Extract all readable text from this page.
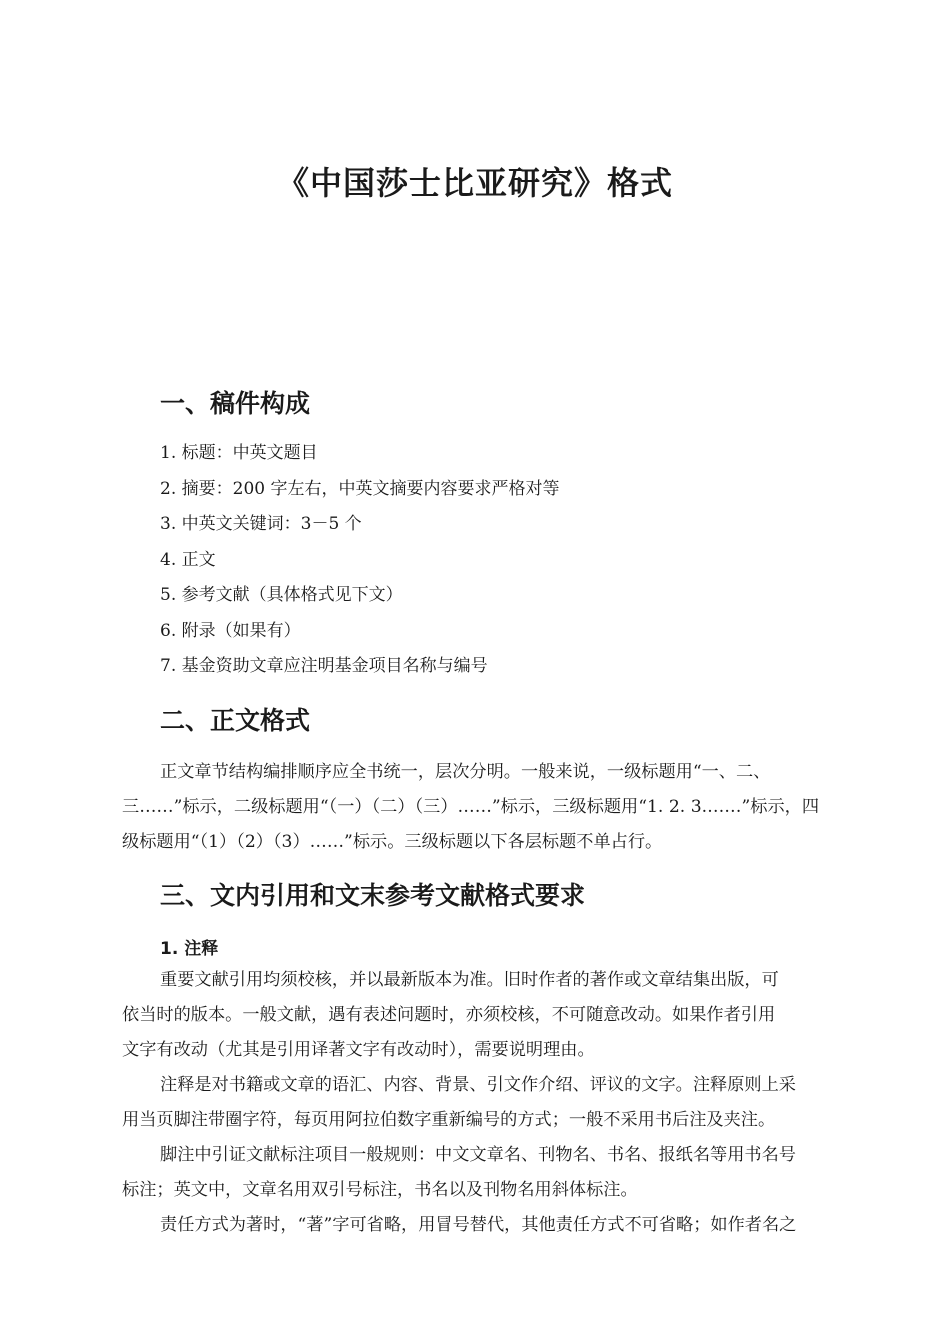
《中国莎士比亚研究》格式
一、稿件构成
1. 标题：中英文题目
2. 摘要：200 字左右，中英文摘要内容要求严格对等
3. 中英文关键词：3－5 个
4. 正文
5. 参考文献（具体格式见下文）
6. 附录（如果有）
7. 基金资助文章应注明基金项目名称与编号
二、正文格式
正文章节结构编排顺序应全书统一，层次分明。一般来说，一级标题用“一、二、
三……”标示，二级标题用“（一）（二）（三）……”标示，三级标题用“1. 2. 3.……”标示，四
级标题用“（1）（2）（3）……”标示。三级标题以下各层标题不单占行。
三、文内引用和文末参考文献格式要求
1. 注释
重要文献引用均须校核，并以最新版本为准。旧时作者的著作或文章结集出版，可
依当时的版本。一般文献，遇有表述问题时，亦须校核，不可随意改动。如果作者引用
文字有改动（尤其是引用译著文字有改动时），需要说明理由。
注释是对书籍或文章的语汇、内容、背景、引文作介绍、评议的文字。注释原则上采
用当页脚注带圈字符，每页用阿拉伯数字重新编号的方式；一般不采用书后注及夹注。
脚注中引证文献标注项目一般规则：中文文章名、刊物名、书名、报纸名等用书名号
标注；英文中，文章名用双引号标注，书名以及刊物名用斜体标注。
责任方式为著时，“著”字可省略，用冒号替代，其他责任方式不可省略；如作者名之
